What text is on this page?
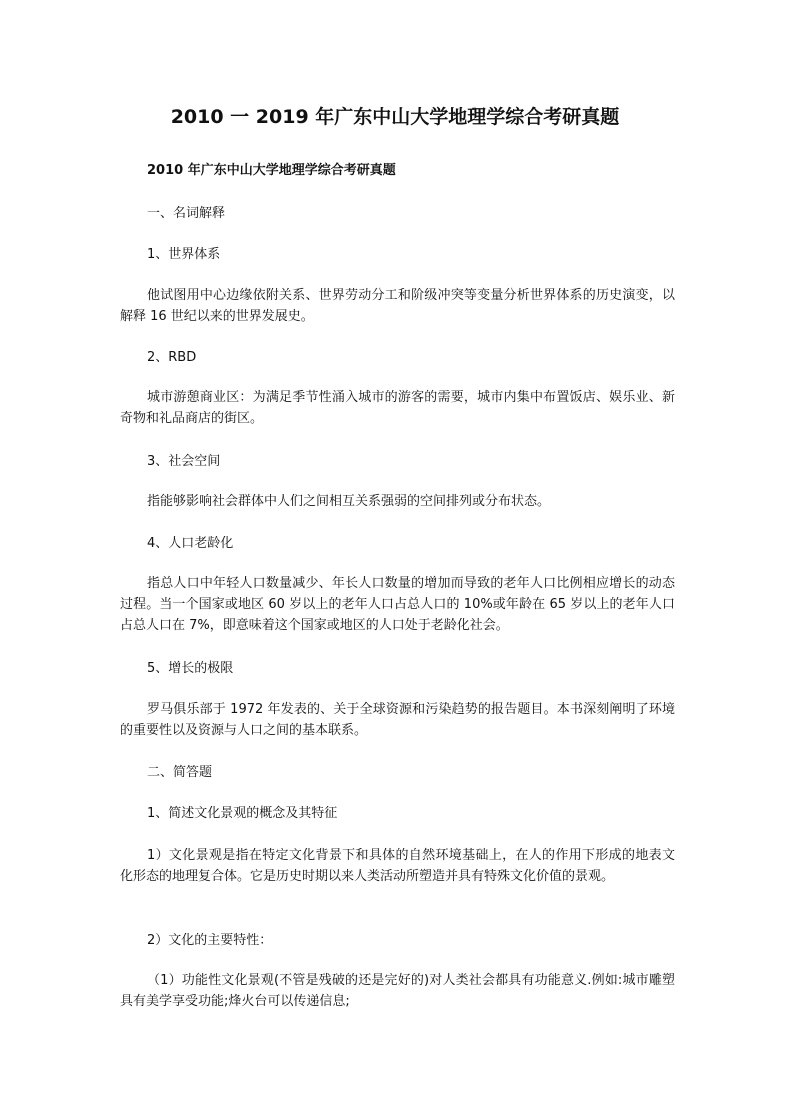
2010 一 2019 年广东中山大学地理学综合考研真题
2010 年广东中山大学地理学综合考研真题

一、名词解释

1、世界体系

他试图用中心边缘依附关系、世界劳动分工和阶级冲突等变量分析世界体系的历史演变，以解释 16 世纪以来的世界发展史。

2、RBD

城市游憩商业区：为满足季节性涌入城市的游客的需要，城市内集中布置饭店、娱乐业、新奇物和礼品商店的街区。

3、社会空间

指能够影响社会群体中人们之间相互关系强弱的空间排列或分布状态。

4、人口老龄化

指总人口中年轻人口数量减少、年长人口数量的增加而导致的老年人口比例相应增长的动态过程。当一个国家或地区 60 岁以上的老年人口占总人口的 10%或年龄在 65 岁以上的老年人口占总人口在 7%，即意味着这个国家或地区的人口处于老龄化社会。

5、增长的极限

罗马俱乐部于 1972 年发表的、关于全球资源和污染趋势的报告题目。本书深刻阐明了环境的重要性以及资源与人口之间的基本联系。

二、简答题

1、简述文化景观的概念及其特征

1）文化景观是指在特定文化背景下和具体的自然环境基础上，在人的作用下形成的地表文化形态的地理复合体。它是历史时期以来人类活动所塑造并具有特殊文化价值的景观。

2）文化的主要特性：

（1）功能性文化景观(不管是残破的还是完好的)对人类社会都具有功能意义.例如:城市雕塑具有美学享受功能;烽火台可以传递信息;
